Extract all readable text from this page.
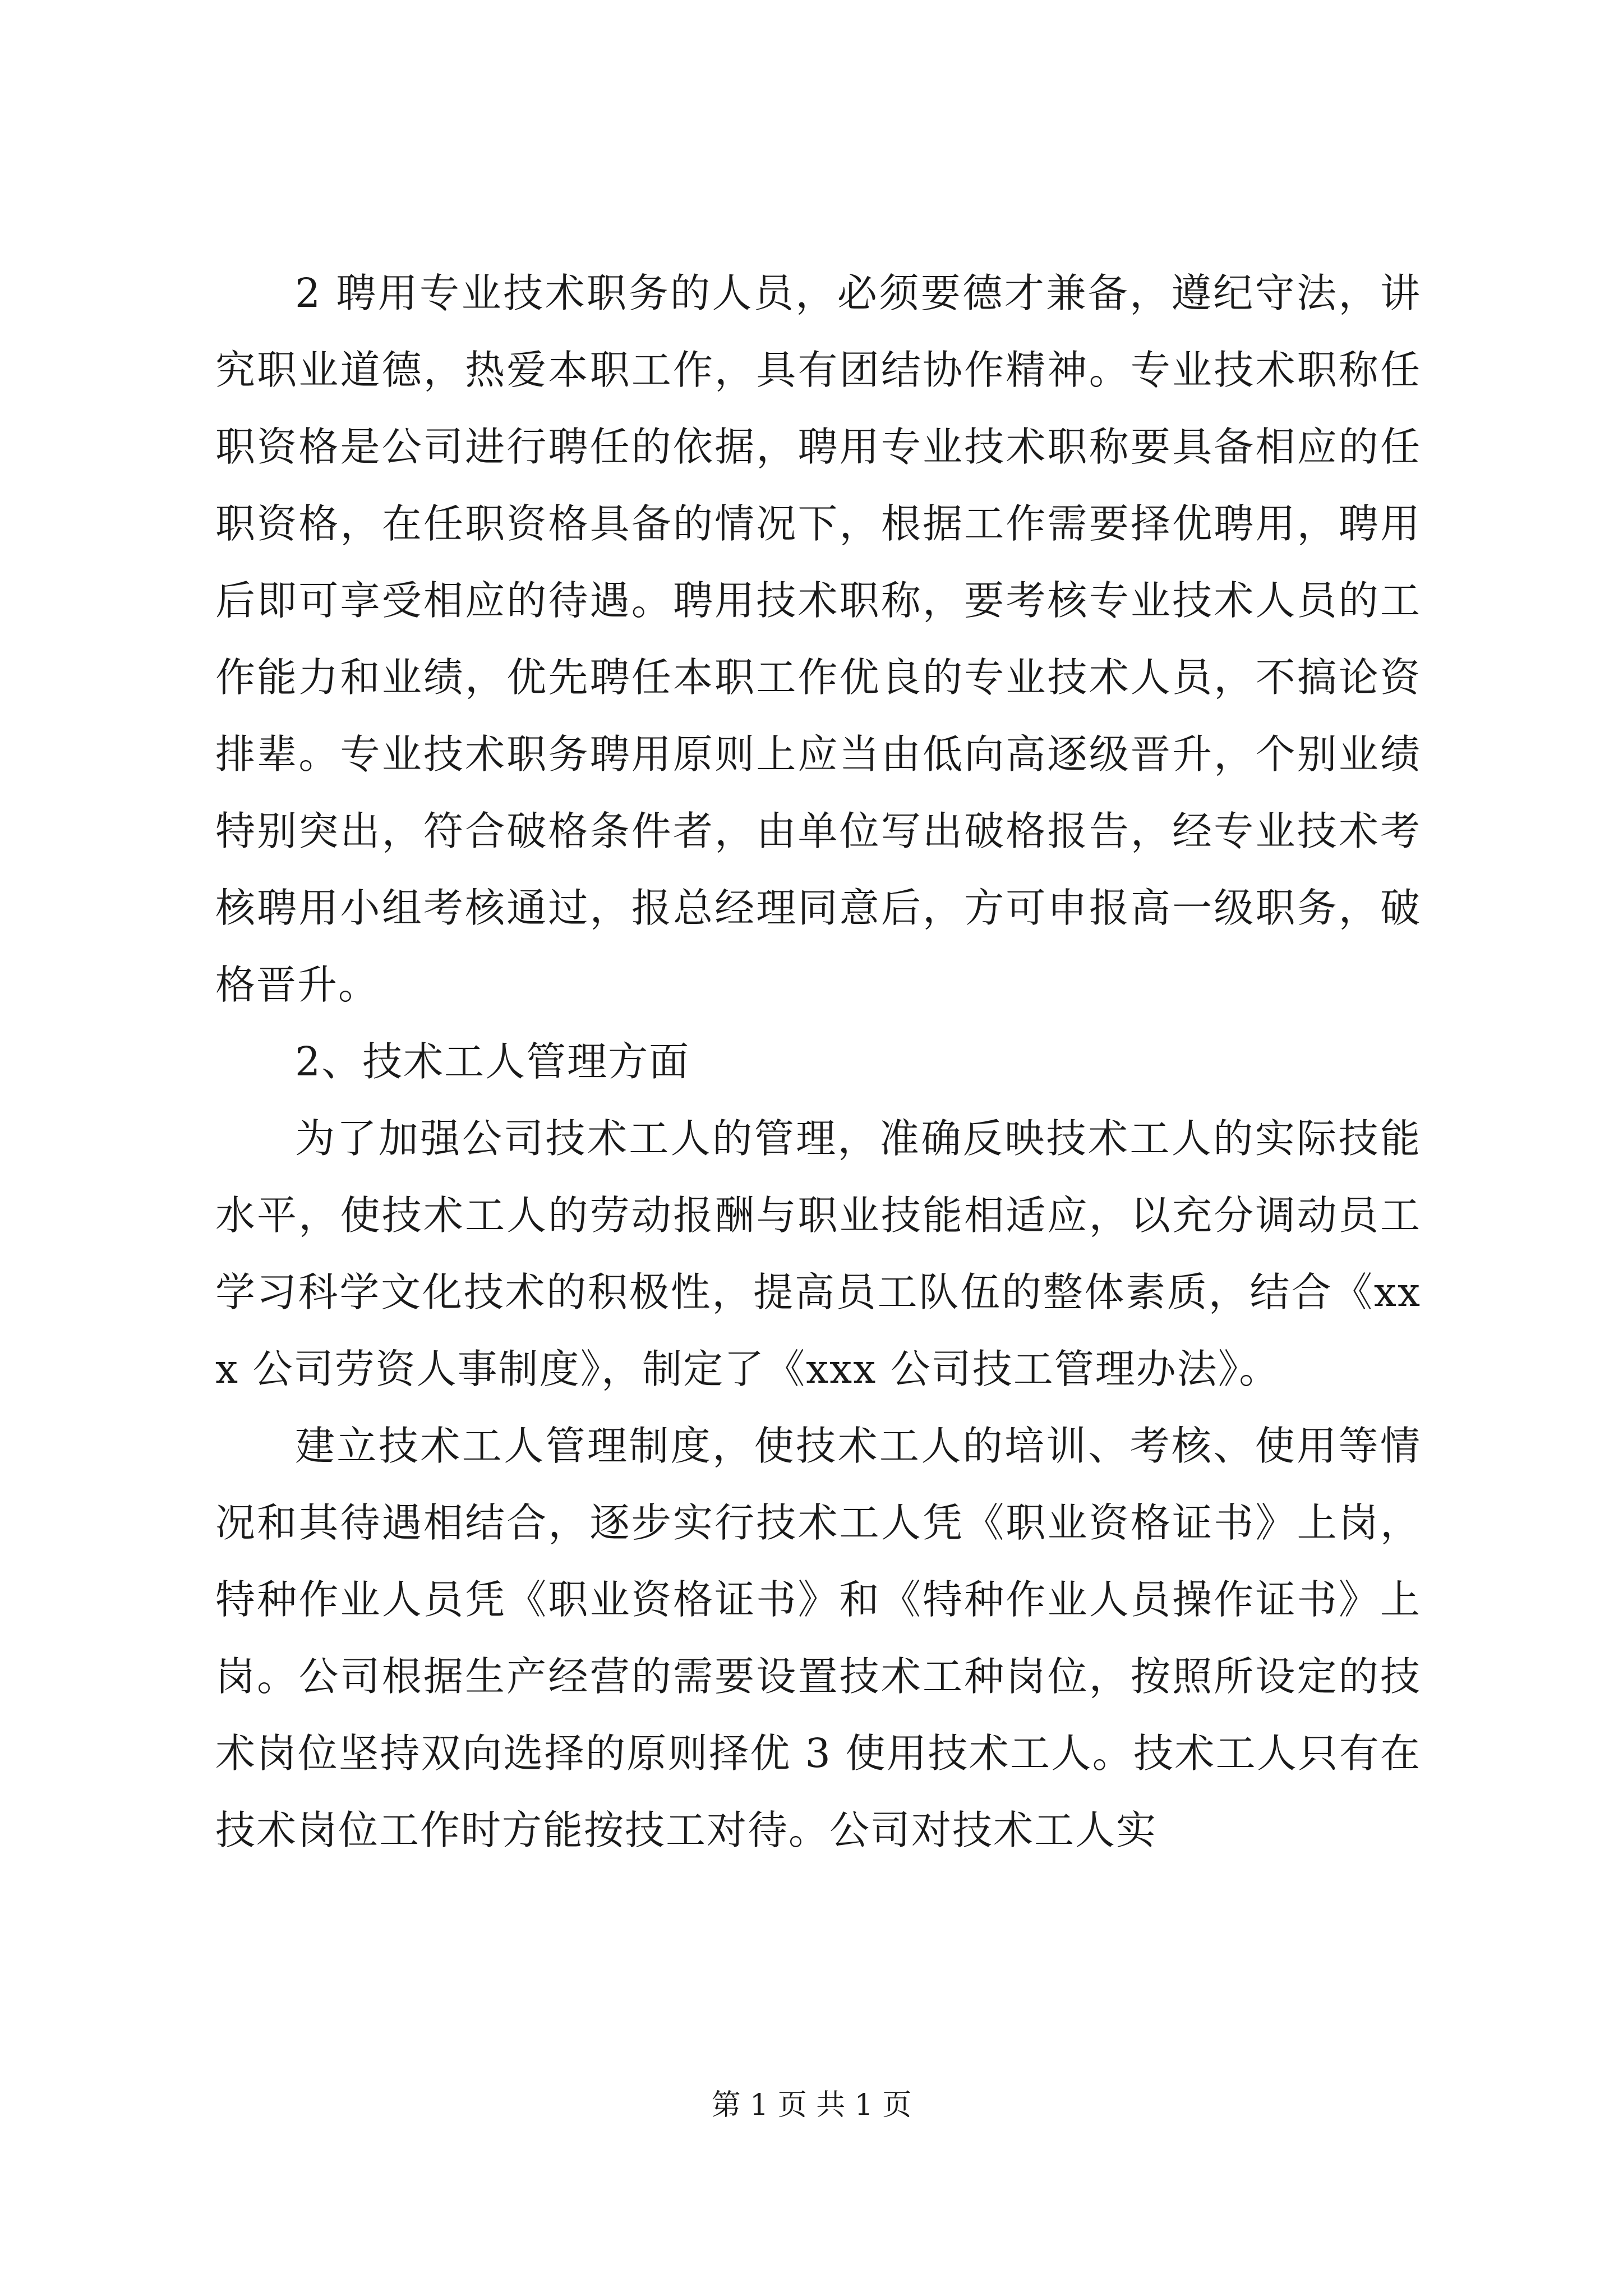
2 聘用专业技术职务的人员，必须要德才兼备，遵纪守法，讲究职业道德，热爱本职工作，具有团结协作精神。专业技术职称任职资格是公司进行聘任的依据，聘用专业技术职称要具备相应的任职资格，在任职资格具备的情况下，根据工作需要择优聘用，聘用后即可享受相应的待遇。聘用技术职称，要考核专业技术人员的工作能力和业绩，优先聘任本职工作优良的专业技术人员，不搞论资排辈。专业技术职务聘用原则上应当由低向高逐级晋升，个别业绩特别突出，符合破格条件者，由单位写出破格报告，经专业技术考核聘用小组考核通过，报总经理同意后，方可申报高一级职务，破格晋升。

2、技术工人管理方面

为了加强公司技术工人的管理，准确反映技术工人的实际技能水平，使技术工人的劳动报酬与职业技能相适应，以充分调动员工学习科学文化技术的积极性，提高员工队伍的整体素质，结合《xxx 公司劳资人事制度》，制定了《xxx 公司技工管理办法》。

建立技术工人管理制度，使技术工人的培训、考核、使用等情况和其待遇相结合，逐步实行技术工人凭《职业资格证书》上岗，特种作业人员凭《职业资格证书》和《特种作业人员操作证书》上岗。公司根据生产经营的需要设置技术工种岗位，按照所设定的技术岗位坚持双向选择的原则择优 3 使用技术工人。技术工人只有在技术岗位工作时方能按技工对待。公司对技术工人实

第 1 页 共 1 页
